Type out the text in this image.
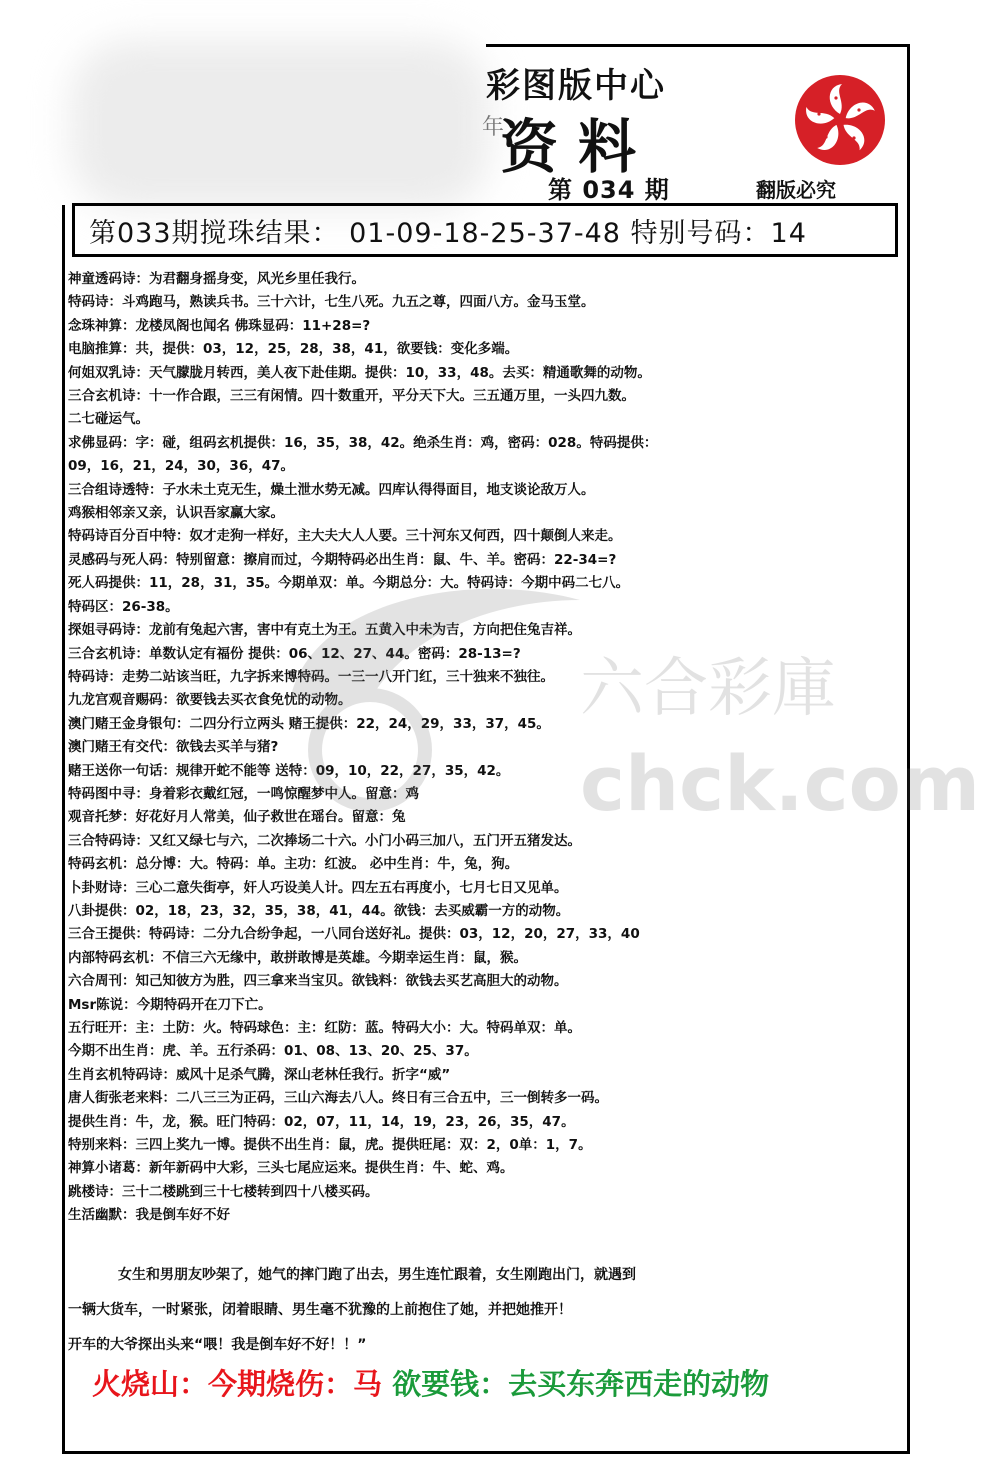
彩图版中心
年
资料
第 034 期	翻版必究
第033期搅珠结果： 01-09-18-25-37-48 特别号码：14
神童透码诗：为君翻身摇身变，风光乡里任我行。
特码诗：斗鸡跑马，熟读兵书。三十六计，七生八死。九五之尊，四面八方。金马玉堂。
念珠神算：龙楼凤阁也闻名 佛珠显码：11+28=?
电脑推算：共，提供：03，12，25，28，38，41，欲要钱：变化多端。
何姐双乳诗：天气朦胧月转西，美人夜下赴佳期。提供：10，33，48。去买：精通歌舞的动物。
三合玄机诗：十一作合跟，三三有闲情。四十数重开，平分天下大。三五通万里，一头四九数。
二七碰运气。
求佛显码：字：碰，组码玄机提供：16，35，38，42。绝杀生肖：鸡，密码：028。特码提供：
09，16，21，24，30，36，47。
三合组诗透特：子水未土克无生，燥土泄水势无减。四库认得得面目，地支谈论敌万人。
鸡猴相邻亲又亲，认识吾家赢大家。
特码诗百分百中特：奴才走狗一样好，主大夫大人人要。三十河东又何西，四十颠倒人来走。
灵感码与死人码：特别留意：擦肩而过，今期特码必出生肖：鼠、牛、羊。密码：22-34=?
死人码提供：11，28，31，35。今期单双：单。今期总分：大。特码诗：今期中码二七八。
特码区：26-38。
探姐寻码诗：龙前有兔起六害，害中有克土为王。五黄入中未为吉，方向把住兔吉祥。
三合玄机诗：单数认定有福份 提供：06、12、27、44。密码：28-13=?
特码诗：走势二站该当旺，九字拆来博特码。一三一八开门红，三十独来不独往。
九龙宫观音赐码：欲要钱去买衣食免忧的动物。
澳门赌王金身银句：二四分行立两头 赌王提供：22，24，29，33，37，45。
澳门赌王有交代：欲钱去买羊与猪?
赌王送你一句话：规律开蛇不能等 送特：09，10，22，27，35，42。
特码图中寻：身着彩衣戴红冠，一鸣惊醒梦中人。留意：鸡
观音托梦：好花好月人常美，仙子救世在瑶台。留意：兔
三合特码诗：又红又绿七与六，二次捧场二十六。小门小码三加八，五门开五猪发达。
特码玄机：总分博：大。特码：单。主功：红波。 必中生肖：牛，兔，狗。
卜卦财诗：三心二意失街亭，奸人巧设美人计。四左五右再度小，七月七日又见单。
八卦提供：02，18，23，32，35，38，41，44。欲钱：去买威霸一方的动物。
三合王提供：特码诗：二分九合纷争起，一八同台送好礼。提供：03，12，20，27，33，40
内部特码玄机：不信三六无缘中，敢拼敢博是英雄。今期幸运生肖：鼠，猴。
六合周刊：知己知彼方为胜，四三拿来当宝贝。欲钱料：欲钱去买艺高胆大的动物。
Msr陈说：今期特码开在刀下亡。
五行旺开：主：土防：火。特码球色：主：红防：蓝。特码大小：大。特码单双：单。
今期不出生肖：虎、羊。五行杀码：01、08、13、20、25、37。
生肖玄机特码诗：威风十足杀气腾，深山老林任我行。折字“威”
唐人街张老来料：二八三三为正码，三山六海去八人。终日有三合五中，三一倒转多一码。
提供生肖：牛，龙，猴。旺门特码：02，07，11，14，19，23，26，35，47。
特别来料：三四上奖九一博。提供不出生肖：鼠，虎。提供旺尾：双：2，0单：1，7。
神算小诸葛：新年新码中大彩，三头七尾应运来。提供生肖：牛、蛇、鸡。
跳楼诗：三十二楼跳到三十七楼转到四十八楼买码。
生活幽默：我是倒车好不好
女生和男朋友吵架了，她气的摔门跑了出去，男生连忙跟着，女生刚跑出门，就遇到
一辆大货车，一时紧张，闭着眼睛、男生毫不犹豫的上前抱住了她，并把她推开！
开车的大爷探出头来“喂！我是倒车好不好！！”
火烧山：今期烧伤：马 欲要钱：去买东奔西走的动物
六合彩庫
chck.com
